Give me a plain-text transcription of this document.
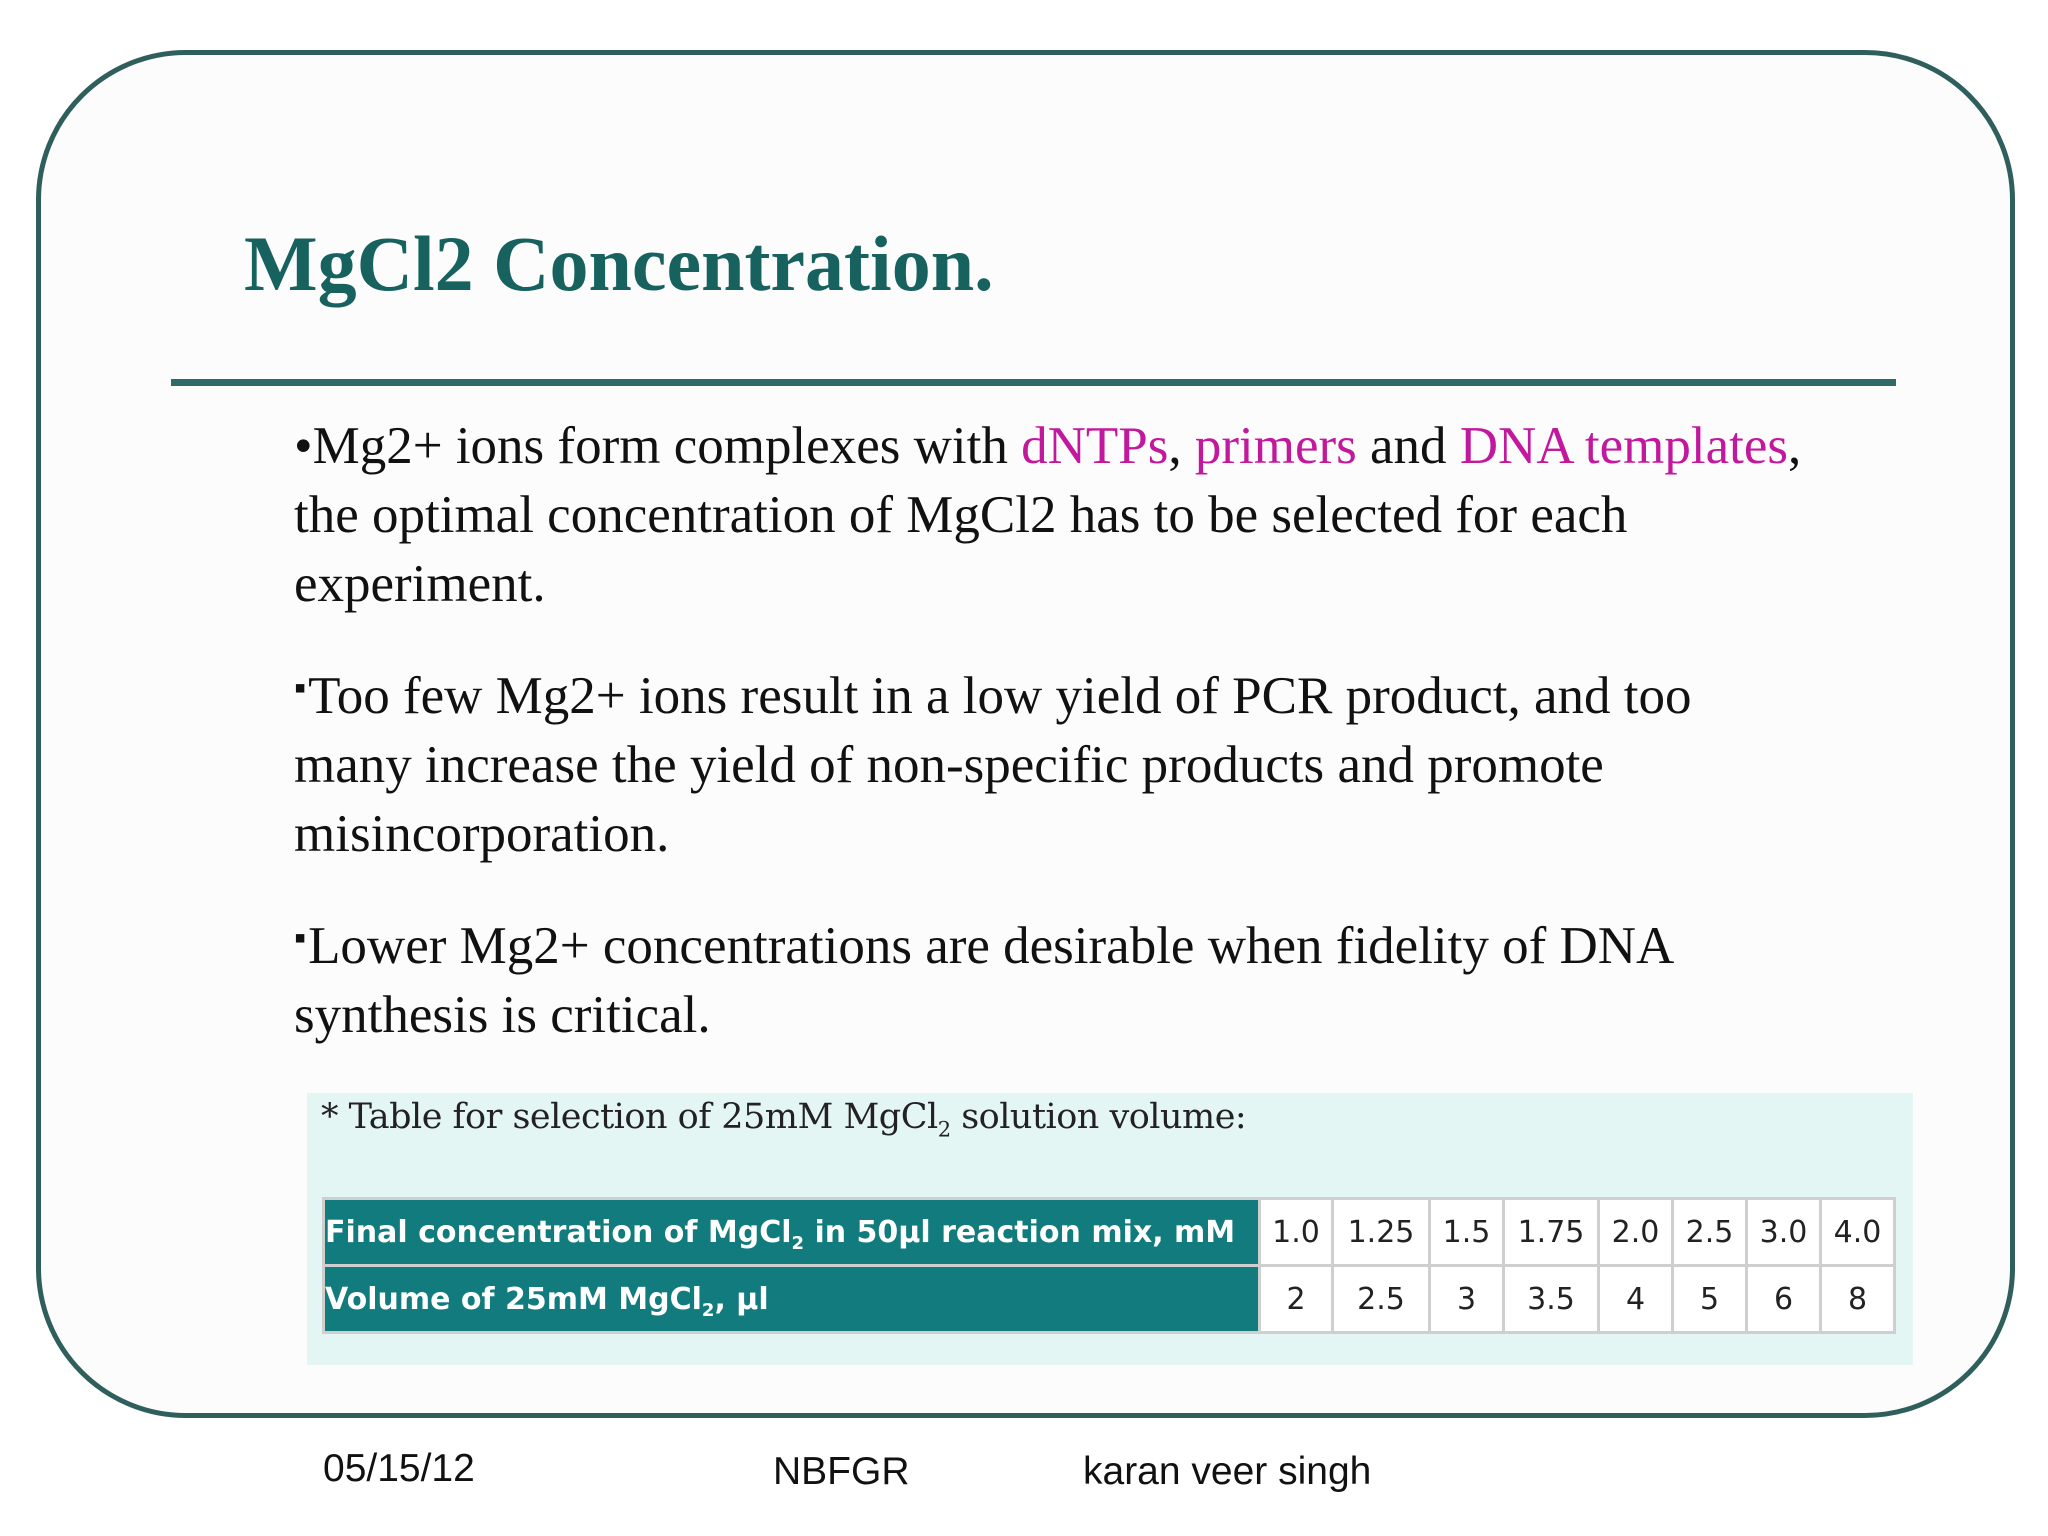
MgCl2 Concentration.
•Mg2+ ions form complexes with dNTPs, primers and DNA templates,
the optimal concentration of MgCl2 has to be selected for each
experiment.
▪Too few Mg2+ ions result in a low yield of PCR product, and too
many increase the yield of non-specific products and promote
misincorporation.
▪Lower Mg2+ concentrations are desirable when fidelity of DNA
synthesis is critical.
* Table for selection of 25mM MgCl$_2$ solution volume:
Final concentration of MgCl$_2$ in 50µl reaction mix, mM	1.0	1.25	1.5	1.75	2.0	2.5	3.0	4.0
Volume of 25mM MgCl$_2$, µl	2	2.5	3	3.5	4	5	6	8
05/15/12	NBFGR	karan veer singh
